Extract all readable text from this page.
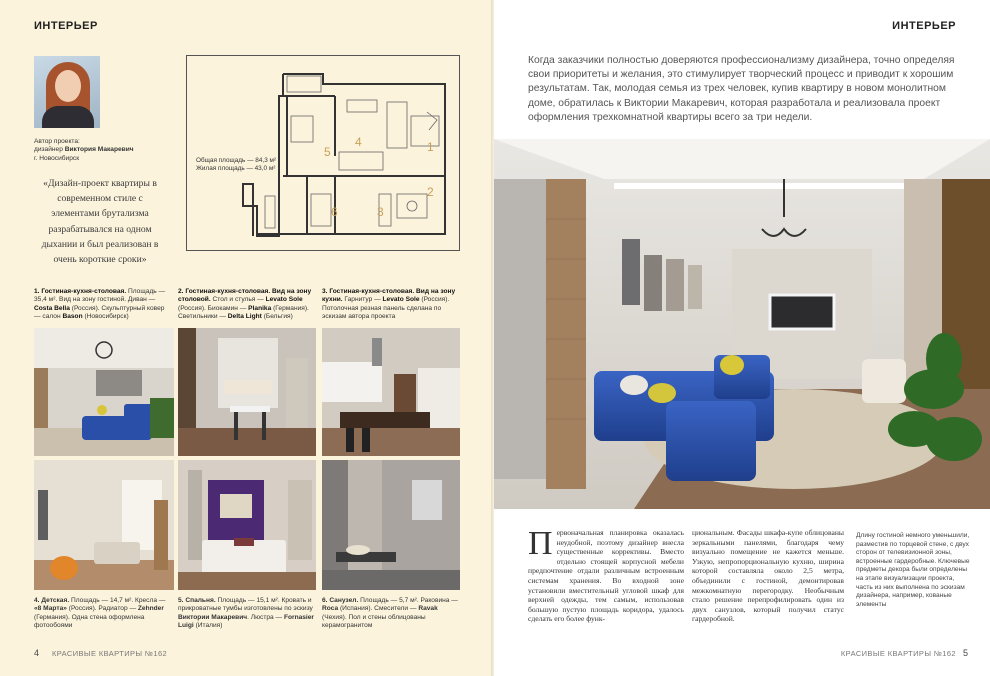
ИНТЕРЬЕР
Автор проекта:
дизайнер Виктория Макаревич
г. Новосибирск
«Дизайн-проект квартиры в современном стиле с элементами брутализма разрабатывался на одном дыхании и был реализован в очень короткие сроки»
1
2
3
4
5
6
Общая площадь — 84,3 м²
Жилая площадь — 43,0 м²
1. Гостиная-кухня-столовая. Площадь — 35,4 м². Вид на зону гостиной. Диван — Costa Bella (Россия). Скульптурный ковер — салон Bason (Новосибирск)
2. Гостиная-кухня-столовая. Вид на зону столовой. Стол и стулья — Levato Sole (Россия). Биокамин — Planika (Германия). Светильники — Delta Light (Бельгия)
3. Гостиная-кухня-столовая. Вид на зону кухни. Гарнитур — Levato Sole (Россия). Потолочная резная панель сделана по эскизам автора проекта
4. Детская. Площадь — 14,7 м². Кресла — «8 Марта» (Россия). Радиатор — Zehnder (Германия). Одна стена оформлена фотообоями
5. Спальня. Площадь — 15,1 м². Кровать и прикроватные тумбы изготовлены по эскизу Виктории Макаревич. Люстра — Fornasier Luigi (Италия)
6. Санузел. Площадь — 5,7 м². Раковина — Roca (Испания). Смесители — Ravak (Чехия). Пол и стены облицованы керамогранитом
4 КРАСИВЫЕ КВАРТИРЫ №162
ИНТЕРЬЕР
Когда заказчики полностью доверяются профессионализму дизайнера, точно определяя свои приоритеты и желания, это стимулирует творческий процесс и приводит к хорошим результатам. Так, молодая семья из трех человек, купив квартиру в новом монолитном доме, обратилась к Виктории Макаревич, которая разработала и реализовала проект оформления трехкомнатной квартиры всего за три недели.
Первоначальная планировка оказалась неудобной, поэтому дизайнер внесла существенные коррективы. Вместо отдельно стоящей корпусной мебели предпочтение отдали различным встроенным системам хранения. Во входной зоне установили вместительный угловой шкаф для верхней одежды, тем самым, использовав большую пустую площадь коридора, удалось сделать его более функ-
циональным. Фасады шкафа-купе облицованы зеркальными панелями, благодаря чему визуально помещение не кажется меньше. Узкую, непропорциональную кухню, ширина которой составляла около 2,5 метра, объединили с гостиной, демонтировав межкомнатную перегородку. Необычным стало решение перепрофилировать один из двух санузлов, который получил статус гардеробной.
Длину гостиной немного уменьшили, разместив по торцевой стене, с двух сторон от телевизионной зоны, встроенные гардеробные. Ключевые предметы декора были определены на этапе визуализации проекта, часть из них выполнена по эскизам дизайнера, например, кованые элементы
КРАСИВЫЕ КВАРТИРЫ №162 5
